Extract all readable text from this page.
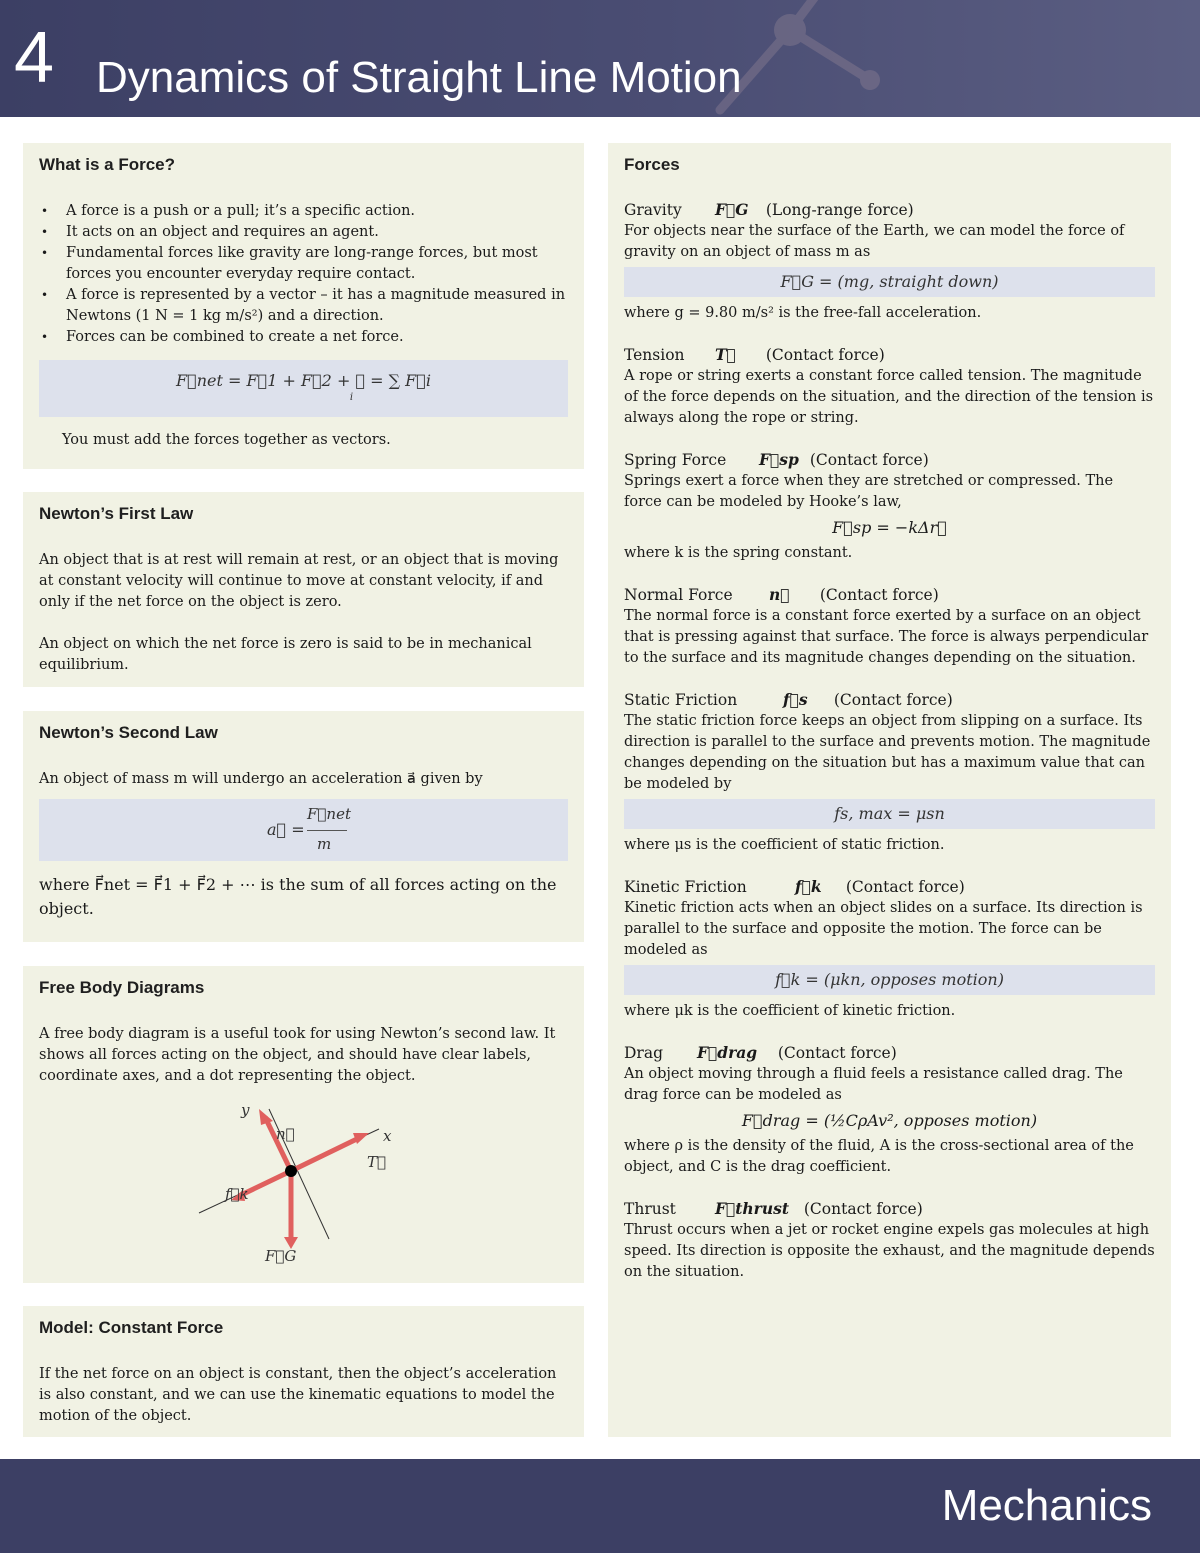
4 Dynamics of Straight Line Motion
What is a Force?
• A force is a push or a pull; it’s a specific action.
• It acts on an object and requires an agent.
• Fundamental forces like gravity are long-range forces, but most forces you encounter everyday require contact.
• A force is represented by a vector – it has a magnitude measured in Newtons (1 N = 1 kg m/s²) and a direction.
• Forces can be combined to create a net force.
F⃗net = F⃗1 + F⃗2 + ⋯ = ∑ F⃗i
i

You must add the forces together as vectors.

Newton’s First Law

An object that is at rest will remain at rest, or an object that is moving at constant velocity will continue to move at constant velocity, if and only if the net force on the object is zero.

An object on which the net force is zero is said to be in mechanical equilibrium.

Newton’s Second Law

An object of mass m will undergo an acceleration a⃗ given by

a⃗ =
F⃗net
m

where F⃗net = F⃗1 + F⃗2 + ⋯ is the sum of all forces acting on the object.

Free Body Diagrams

A free body diagram is a useful took for using Newton’s second law. It shows all forces acting on the object, and should have clear labels, coordinate axes, and a dot representing the object.

y
x
n⃗
T⃗
f⃗k
F⃗G
Model: Constant Force

If the net force on an object is constant, then the object’s acceleration is also constant, and we can use the kinematic equations to model the motion of the object.

Forces
Gravity F⃗G (Long-range force)

For objects near the surface of the Earth, we can model the force of gravity on an object of mass m as

F⃗G = (mg, straight down)

where g = 9.80 m/s² is the free-fall acceleration.

Tension T⃗ (Contact force)

A rope or string exerts a constant force called tension. The magnitude of the force depends on the situation, and the direction of the tension is always along the rope or string.

Spring Force F⃗sp (Contact force)

Springs exert a force when they are stretched or compressed. The force can be modeled by Hooke’s law,

F⃗sp = −kΔr⃗

where k is the spring constant.

Normal Force n⃗ (Contact force)

The normal force is a constant force exerted by a surface on an object that is pressing against that surface. The force is always perpendicular to the surface and its magnitude changes depending on the situation.

Static Friction	f⃗s (Contact force)

The static friction force keeps an object from slipping on a surface. Its direction is parallel to the surface and prevents motion. The magnitude changes depending on the situation but has a maximum value that can be modeled by

fs, max = μsn

where μs is the coefficient of static friction.

Kinetic Friction	f⃗k (Contact force)

Kinetic friction acts when an object slides on a surface. Its direction is parallel to the surface and opposite the motion. The force can be modeled as

f⃗k = (μkn, opposes motion)

where μk is the coefficient of kinetic friction.

Drag F⃗drag (Contact force)

An object moving through a fluid feels a resistance called drag. The drag force can be modeled as

F⃗drag = (½CρAv², opposes motion)

where ρ is the density of the fluid, A is the cross-sectional area of the object, and C is the drag coefficient.

Thrust	F⃗thrust (Contact force)

Thrust occurs when a jet or rocket engine expels gas molecules at high speed. Its direction is opposite the exhaust, and the magnitude depends on the situation.

Mechanics
